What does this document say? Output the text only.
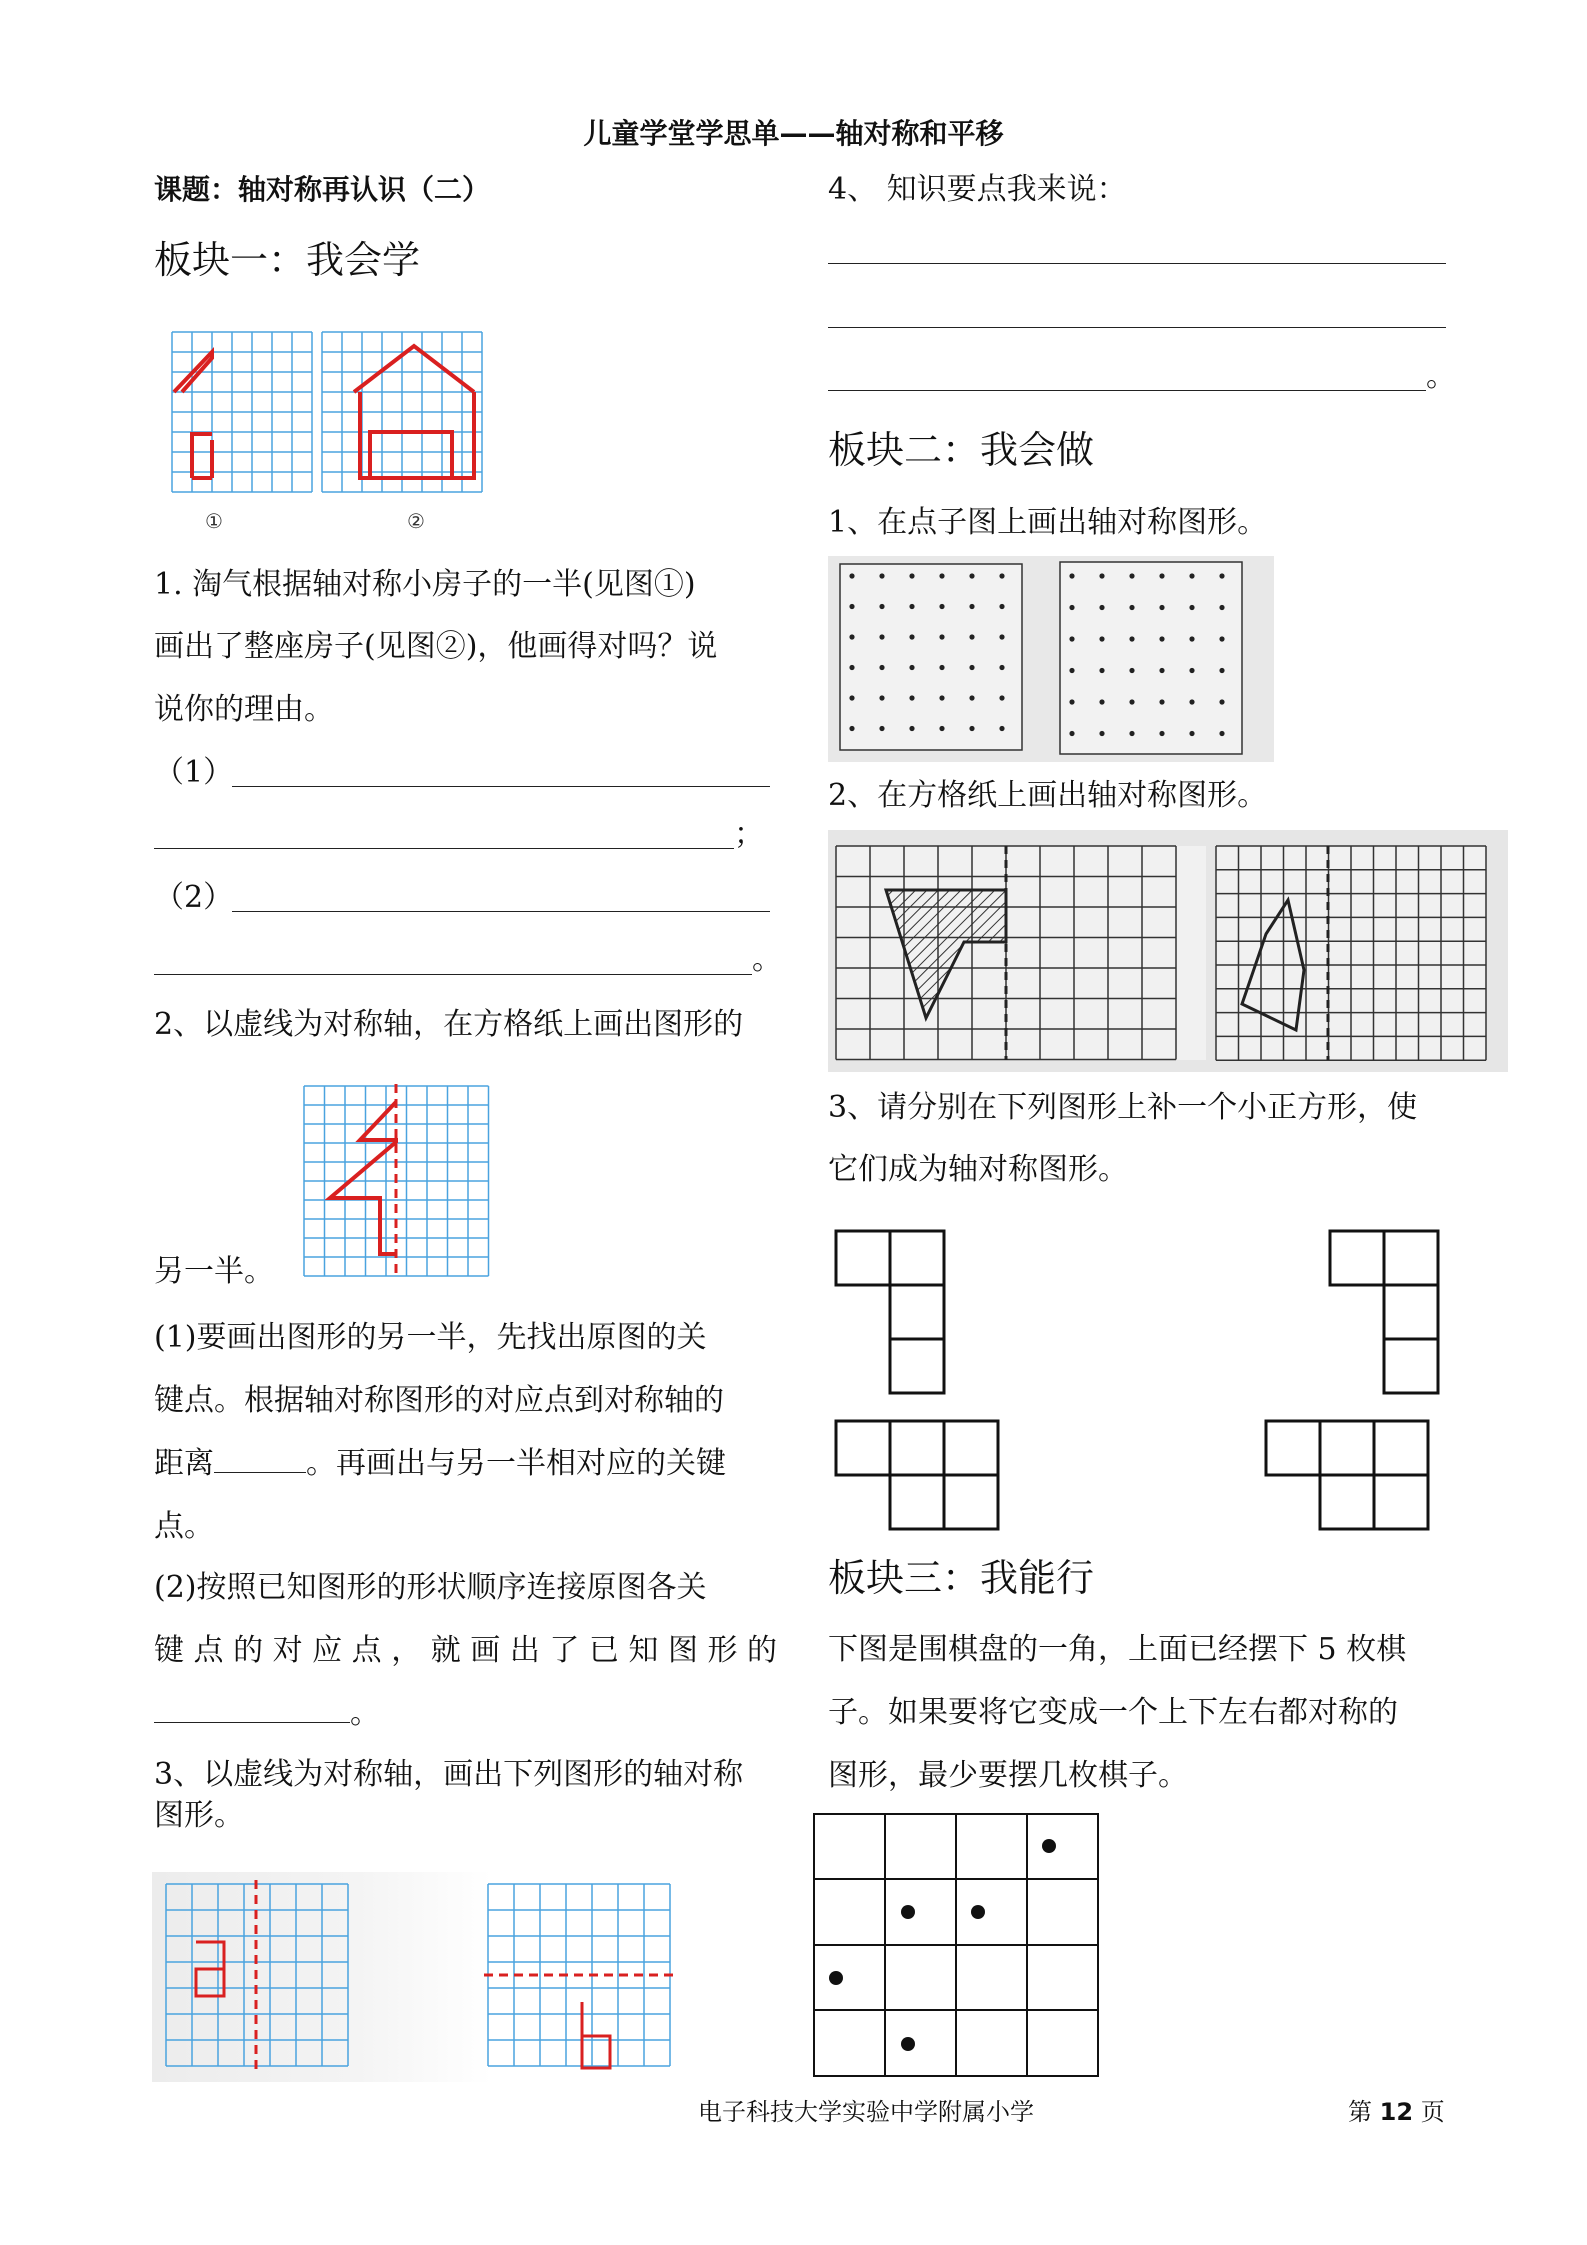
儿童学堂学思单——轴对称和平移
课题：轴对称再认识（二）
板块一：我会学
①	②
1. 淘气根据轴对称小房子的一半(见图①)
画出了整座房子(见图②)，他画得对吗？说
说你的理由。
（1）
；
（2）
。
2、以虚线为对称轴，在方格纸上画出图形的
另一半。
(1)要画出图形的另一半，先找出原图的关
键点。根据轴对称图形的对应点到对称轴的
距离	。再画出与另一半相对应的关键
点。
(2)按照已知图形的形状顺序连接原图各关
键 点 的 对 应 点 ， 就 画 出 了 已 知 图 形 的
。
3、以虚线为对称轴，画出下列图形的轴对称
图形。
4、 知识要点我来说：
。
板块二：我会做
1、在点子图上画出轴对称图形。
2、在方格纸上画出轴对称图形。
3、请分别在下列图形上补一个小正方形，使
它们成为轴对称图形。
板块三：我能行
下图是围棋盘的一角，上面已经摆下 5 枚棋
子。如果要将它变成一个上下左右都对称的
图形，最少要摆几枚棋子。
电子科技大学实验中学附属小学	第 12 页
